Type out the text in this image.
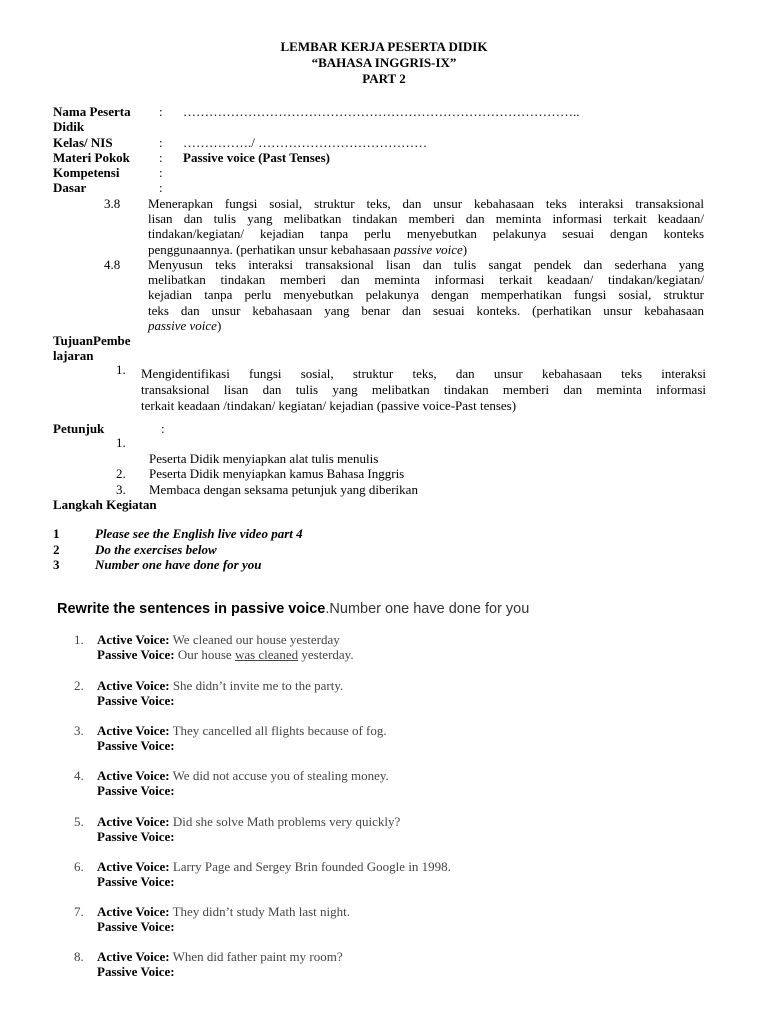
LEMBAR KERJA PESERTA DIDIK
“BAHASA INGGRIS-IX”
PART 2
Nama Peserta
Didik
: ………………………………………………………………………………..
Kelas/ NIS	: ……………./ …………………………………
Materi Pokok : Passive voice (Past Tenses)
Kompetensi	:
Dasar	:
3.8 Menerapkan fungsi sosial, struktur teks, dan unsur kebahasaan teks interaksi transaksional
lisan dan tulis yang melibatkan tindakan memberi dan meminta informasi terkait keadaan/
tindakan/kegiatan/ kejadian tanpa perlu menyebutkan pelakunya sesuai dengan konteks
penggunaannya. (perhatikan unsur kebahasaan passive voice)
4.8 Menyusun teks interaksi transaksional lisan dan tulis sangat pendek dan sederhana yang
melibatkan tindakan memberi dan meminta informasi terkait keadaan/ tindakan/kegiatan/
kejadian tanpa perlu menyebutkan pelakunya dengan memperhatikan fungsi sosial, struktur
teks dan unsur kebahasaan yang benar dan sesuai konteks. (perhatikan unsur kebahasaan
passive voice)
TujuanPembe
lajaran
1. Mengidentifikasi fungsi sosial, struktur teks, dan unsur kebahasaan teks interaksi
transaksional lisan dan tulis yang melibatkan tindakan memberi dan meminta informasi
terkait keadaan /tindakan/ kegiatan/ kejadian (passive voice-Past tenses)
Petunjuk	:
1.
Peserta Didik menyiapkan alat tulis menulis
2. Peserta Didik menyiapkan kamus Bahasa Inggris
3. Membaca dengan seksama petunjuk yang diberikan
Langkah Kegiatan
1	Please see the English live video part 4
2	Do the exercises below
3	Number one have done for you
Rewrite the sentences in passive voice.Number one have done for you
1. Active Voice: We cleaned our house yesterday
Passive Voice: Our house was cleaned yesterday.
2. Active Voice: She didn’t invite me to the party.
Passive Voice:
3. Active Voice: They cancelled all flights because of fog.
Passive Voice:
4. Active Voice: We did not accuse you of stealing money.
Passive Voice:
5. Active Voice: Did she solve Math problems very quickly?
Passive Voice:
6. Active Voice: Larry Page and Sergey Brin founded Google in 1998.
Passive Voice:
7. Active Voice: They didn’t study Math last night.
Passive Voice:
8. Active Voice: When did father paint my room?
Passive Voice:
